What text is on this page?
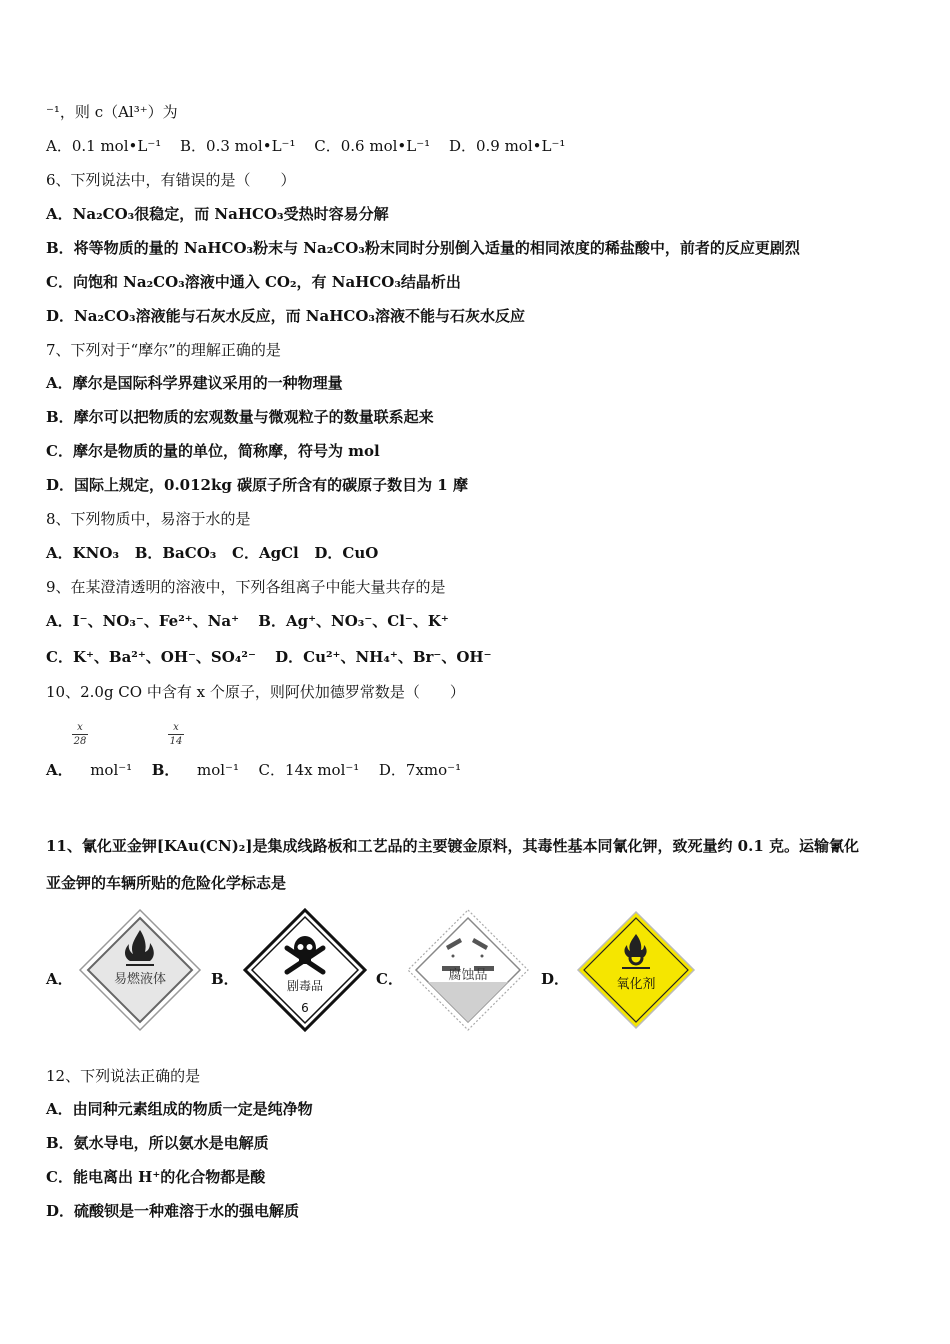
⁻¹，则 c（Al³⁺）为
A．0.1 mol•L⁻¹ B．0.3 mol•L⁻¹ C．0.6 mol•L⁻¹ D．0.9 mol•L⁻¹
6、下列说法中，有错误的是（　　）
A．Na₂CO₃很稳定，而 NaHCO₃受热时容易分解
B．将等物质的量的 NaHCO₃粉末与 Na₂CO₃粉末同时分别倒入适量的相同浓度的稀盐酸中，前者的反应更剧烈
C．向饱和 Na₂CO₃溶液中通入 CO₂，有 NaHCO₃结晶析出
D．Na₂CO₃溶液能与石灰水反应，而 NaHCO₃溶液不能与石灰水反应
7、下列对于“摩尔”的理解正确的是
A．摩尔是国际科学界建议采用的一种物理量
B．摩尔可以把物质的宏观数量与微观粒子的数量联系起来
C．摩尔是物质的量的单位，简称摩，符号为 mol
D．国际上规定，0.012kg 碳原子所含有的碳原子数目为 1 摩
8、下列物质中，易溶于水的是
A．KNO₃ B．BaCO₃ C．AgCl D．CuO
9、在某澄清透明的溶液中，下列各组离子中能大量共存的是
A．I⁻、NO₃⁻、Fe²⁺、Na⁺ B．Ag⁺、NO₃⁻、Cl⁻、K⁺
C．K⁺、Ba²⁺、OH⁻、SO₄²⁻ D．Cu²⁺、NH₄⁺、Br⁻、OH⁻
10、2.0g CO 中含有 x 个原子，则阿伏加德罗常数是（　　）
x
28
x
14
A． mol⁻¹ B． mol⁻¹ C．14x mol⁻¹ D．7xmo⁻¹
11、氰化亚金钾[KAu(CN)₂]是集成线路板和工艺品的主要镀金原料，其毒性基本同氰化钾，致死量约 0.1 克。运输氰化
亚金钾的车辆所贴的危险化学标志是
A．	B．	C．	D．
易燃液体	剧毒品
6
腐蚀品
氧化剂
12、下列说法正确的是
A．由同种元素组成的物质一定是纯净物
B．氨水导电，所以氨水是电解质
C．能电离出 H⁺的化合物都是酸
D．硫酸钡是一种难溶于水的强电解质
